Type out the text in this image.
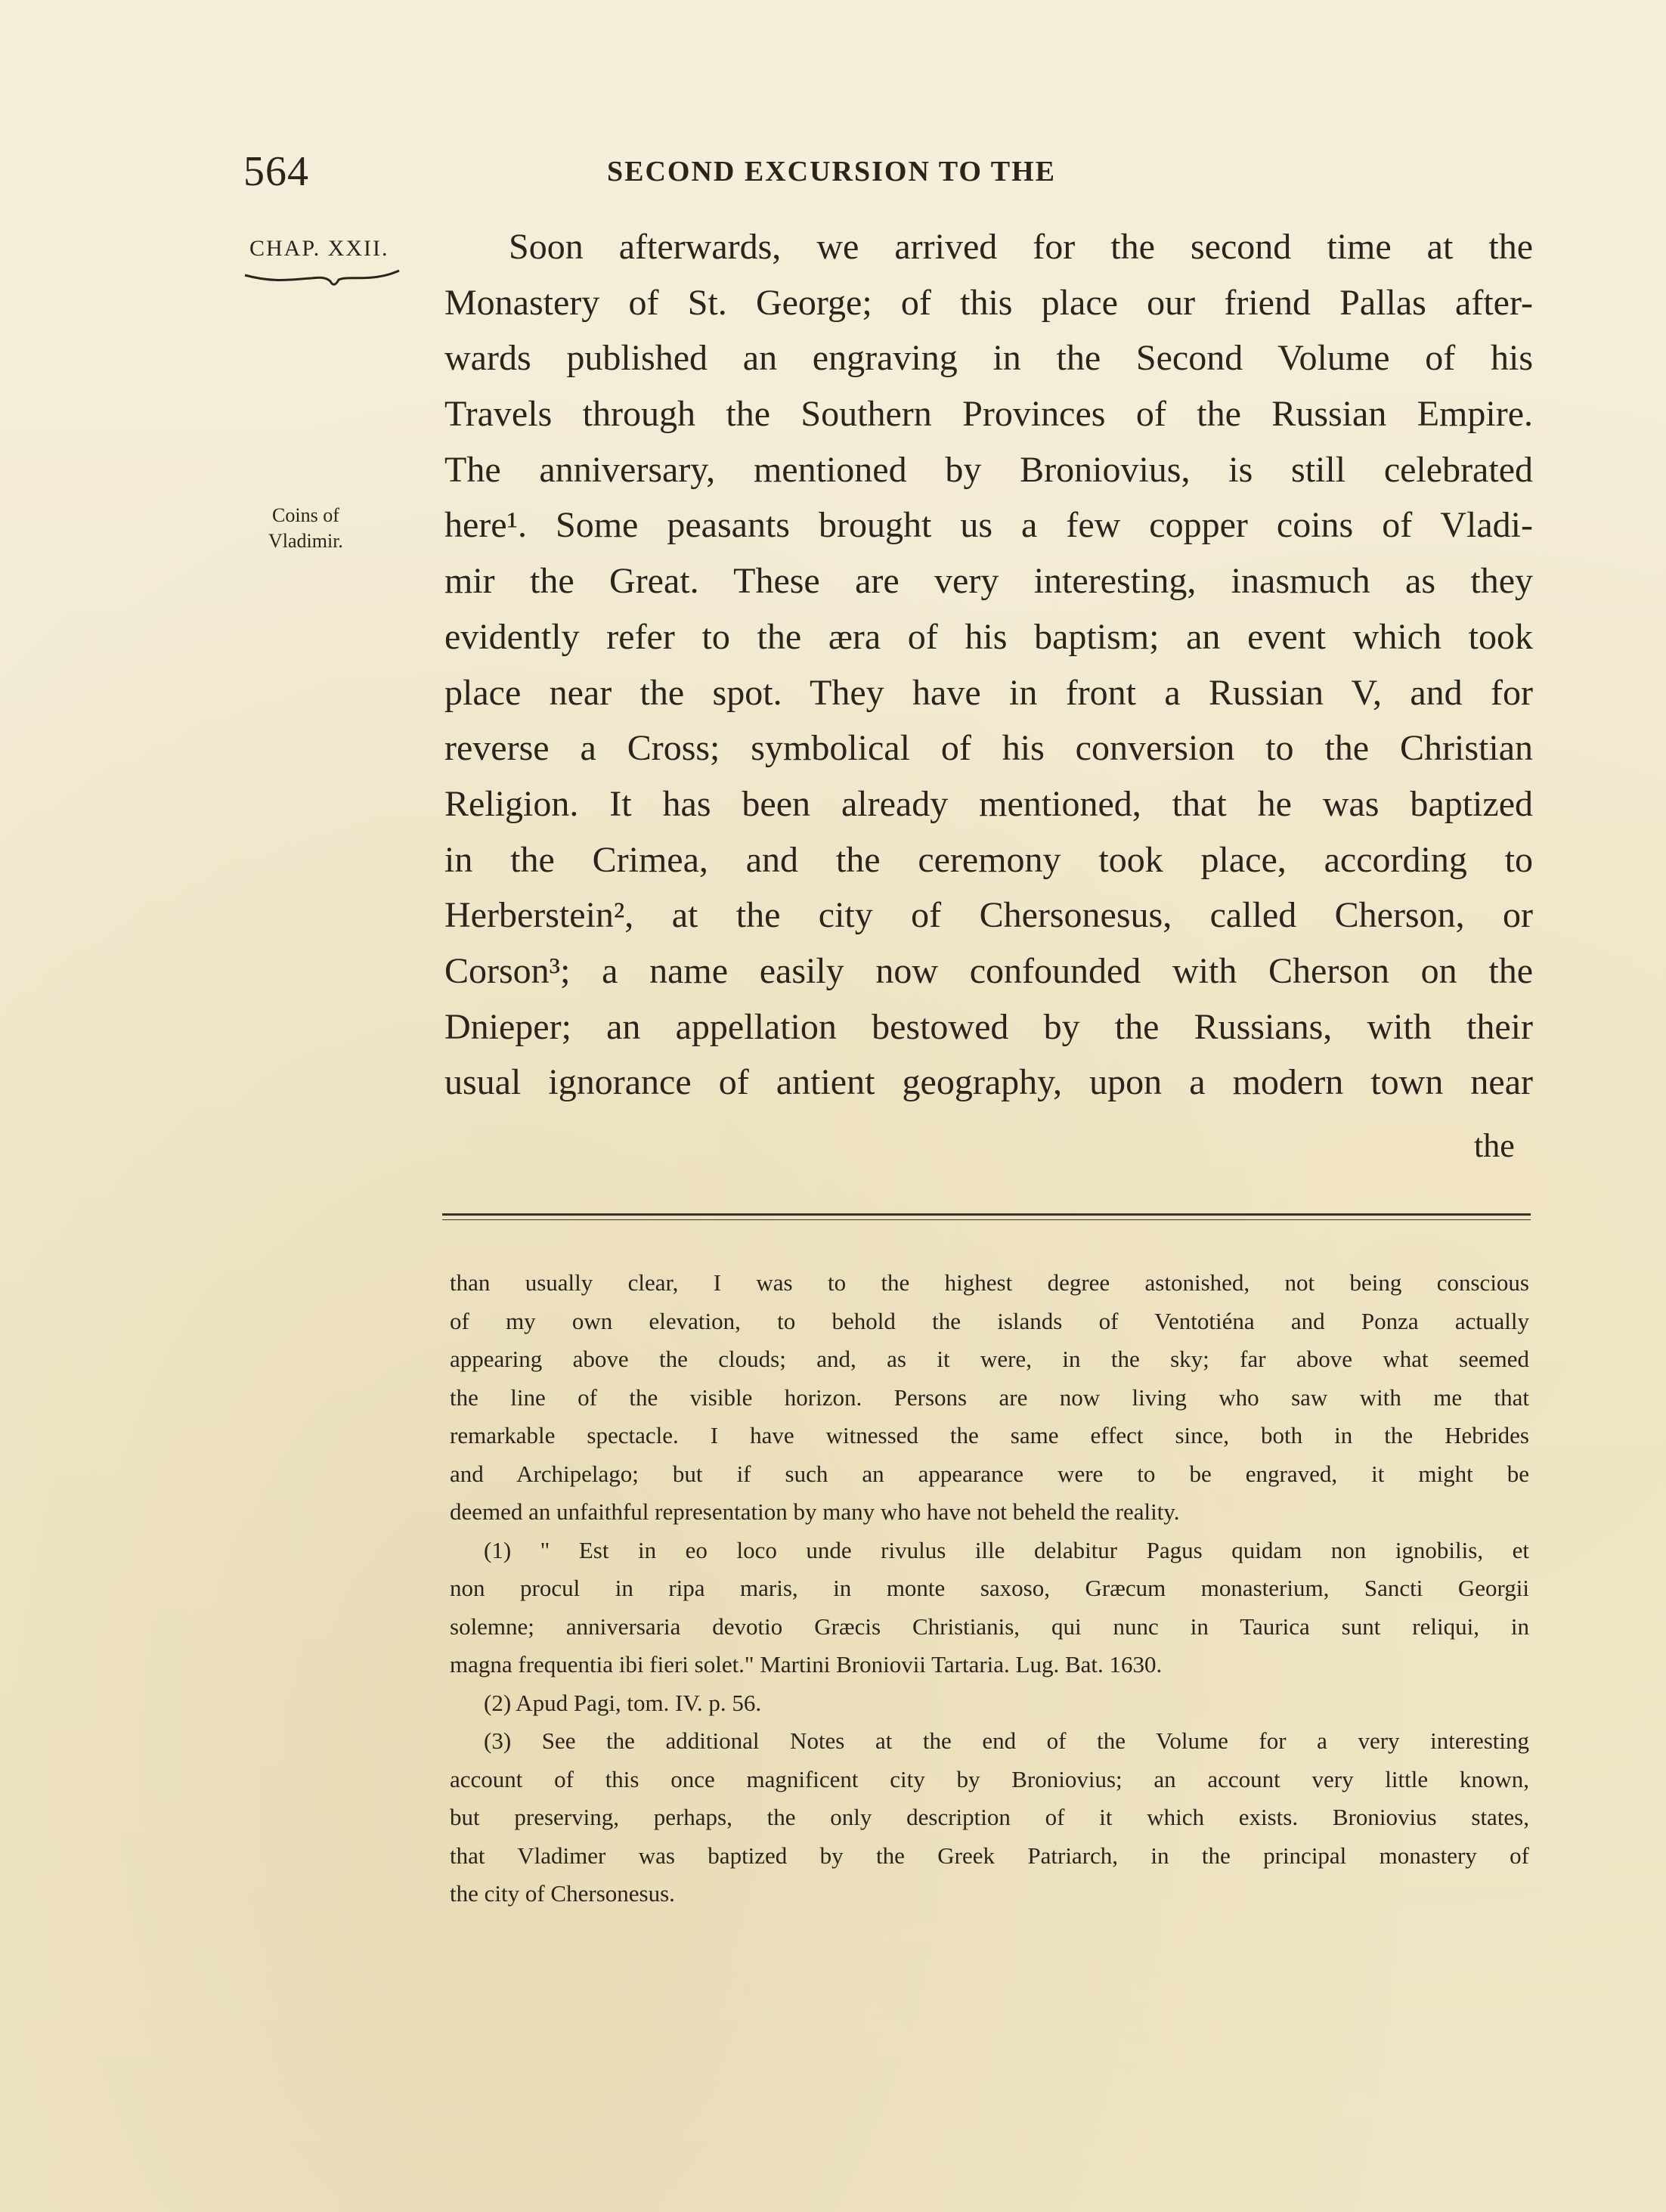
564	SECOND EXCURSION TO THE
CHAP. XXII.
Coins of
Vladimir.
Soon afterwards, we arrived for the second time at the
Monastery of St. George; of this place our friend Pallas after-
wards published an engraving in the Second Volume of his
Travels through the Southern Provinces of the Russian Empire.
The anniversary, mentioned by Broniovius, is still celebrated
here¹. Some peasants brought us a few copper coins of Vladi-
mir the Great. These are very interesting, inasmuch as they
evidently refer to the æra of his baptism; an event which took
place near the spot. They have in front a Russian V, and for
reverse a Cross; symbolical of his conversion to the Christian
Religion. It has been already mentioned, that he was baptized
in the Crimea, and the ceremony took place, according to
Herberstein², at the city of Chersonesus, called Cherson, or
Corson³; a name easily now confounded with Cherson on the
Dnieper; an appellation bestowed by the Russians, with their
usual ignorance of antient geography, upon a modern town near
the
than usually clear, I was to the highest degree astonished, not being conscious
of my own elevation, to behold the islands of Ventotiéna and Ponza actually
appearing above the clouds; and, as it were, in the sky; far above what seemed
the line of the visible horizon. Persons are now living who saw with me that
remarkable spectacle. I have witnessed the same effect since, both in the Hebrides
and Archipelago; but if such an appearance were to be engraved, it might be
deemed an unfaithful representation by many who have not beheld the reality.
(1) " Est in eo loco unde rivulus ille delabitur Pagus quidam non ignobilis, et
non procul in ripa maris, in monte saxoso, Græcum monasterium, Sancti Georgii
solemne; anniversaria devotio Græcis Christianis, qui nunc in Taurica sunt reliqui, in
magna frequentia ibi fieri solet." Martini Broniovii Tartaria. Lug. Bat. 1630.
(2) Apud Pagi, tom. IV. p. 56.
(3) See the additional Notes at the end of the Volume for a very interesting
account of this once magnificent city by Broniovius; an account very little known,
but preserving, perhaps, the only description of it which exists. Broniovius states,
that Vladimer was baptized by the Greek Patriarch, in the principal monastery of
the city of Chersonesus.
